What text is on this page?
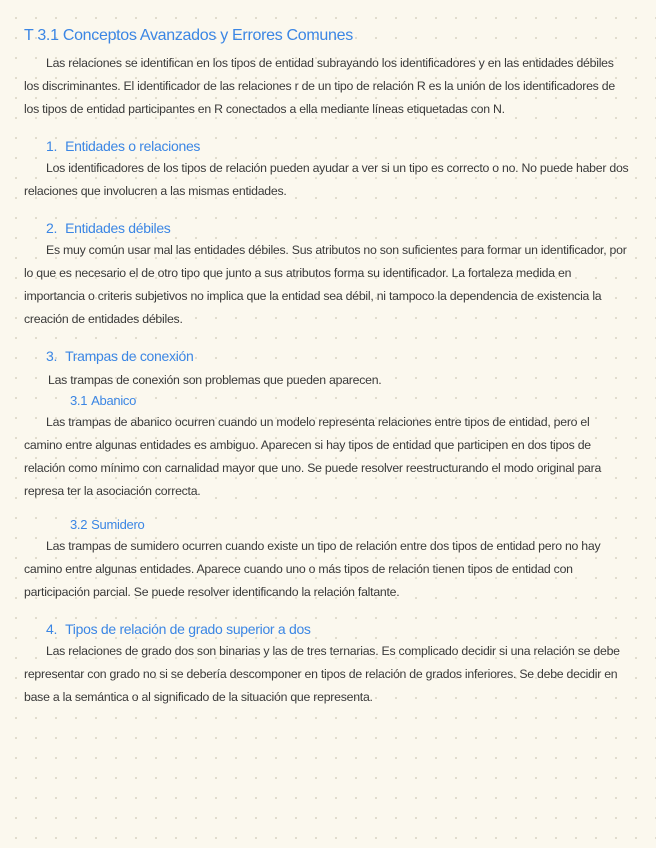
T 3.1 Conceptos Avanzados y Errores Comunes

Las relaciones se identifican en los tipos de entidad subrayando los identificadores y en las entidades débiles los discriminantes. El identificador de las relaciones r de un tipo de relación R es la unión de los identificadores de los tipos de entidad participantes en R conectados a ella mediante líneas etiquetadas con N.

1. Entidades o relaciones

Los identificadores de los tipos de relación pueden ayudar a ver si un tipo es correcto o no. No puede haber dos relaciones que involucren a las mismas entidades.

2. Entidades débiles

Es muy común usar mal las entidades débiles. Sus atributos no son suficientes para formar un identificador, por lo que es necesario el de otro tipo que junto a sus atributos forma su identificador. La fortaleza medida en importancia o criteris subjetivos no implica que la entidad sea débil, ni tampoco la dependencia de existencia la creación de entidades débiles.

3. Trampas de conexión

Las trampas de conexión son problemas que pueden aparecen.

3.1 Abanico

Las trampas de abanico ocurren cuando un modelo representa relaciones entre tipos de entidad, pero el camino entre algunas entidades es ambiguo. Aparecen si hay tipos de entidad que participen en dos tipos de relación como mínimo con carnalidad mayor que uno. Se puede resolver reestructurando el modo original para represa ter la asociación correcta.

3.2 Sumidero

Las trampas de sumidero ocurren cuando existe un tipo de relación entre dos tipos de entidad pero no hay camino entre algunas entidades. Aparece cuando uno o más tipos de relación tienen tipos de entidad con participación parcial. Se puede resolver identificando la relación faltante.

4. Tipos de relación de grado superior a dos

Las relaciones de grado dos son binarias y las de tres ternarias. Es complicado decidir si una relación se debe representar con grado no si se debería descomponer en tipos de relación de grados inferiores. Se debe decidir en base a la semántica o al significado de la situación que representa.
